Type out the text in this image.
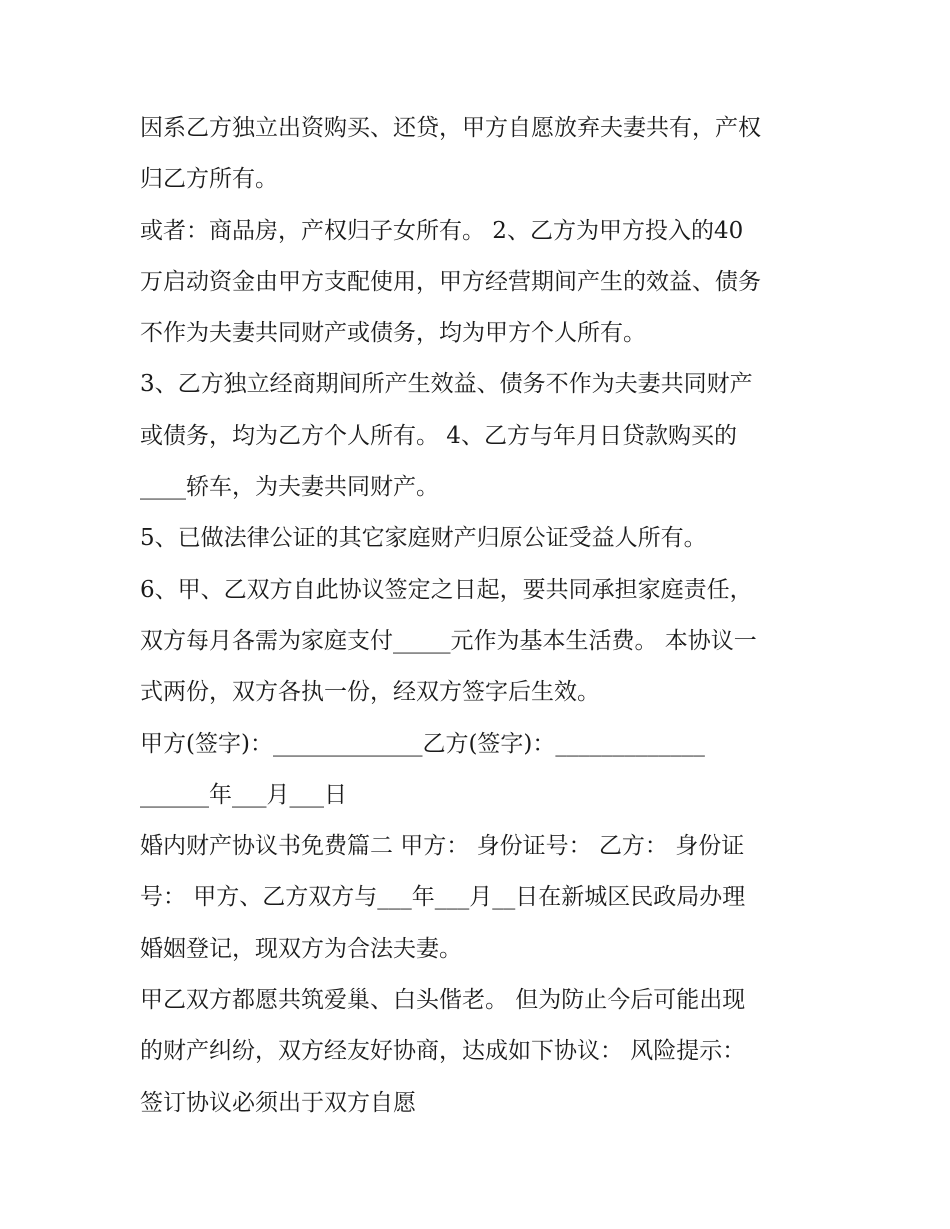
因系乙方独立出资购买、还贷，甲方自愿放弃夫妻共有，产权
归乙方所有。
或者：商品房，产权归子女所有。 2、乙方为甲方投入的40
万启动资金由甲方支配使用，甲方经营期间产生的效益、债务
不作为夫妻共同财产或债务，均为甲方个人所有。
3、乙方独立经商期间所产生效益、债务不作为夫妻共同财产
或债务，均为乙方个人所有。 4、乙方与年月日贷款购买的
____轿车，为夫妻共同财产。
5、已做法律公证的其它家庭财产归原公证受益人所有。
6、甲、乙双方自此协议签定之日起，要共同承担家庭责任，
双方每月各需为家庭支付_____元作为基本生活费。 本协议一
式两份，双方各执一份，经双方签字后生效。
甲方(签字)：_____________乙方(签字)：_____________
______年___月___日
婚内财产协议书免费篇二 甲方： 身份证号： 乙方： 身份证
号： 甲方、乙方双方与___年___月__日在新城区民政局办理
婚姻登记，现双方为合法夫妻。
甲乙双方都愿共筑爱巢、白头偕老。 但为防止今后可能出现
的财产纠纷，双方经友好协商，达成如下协议： 风险提示：
签订协议必须出于双方自愿
